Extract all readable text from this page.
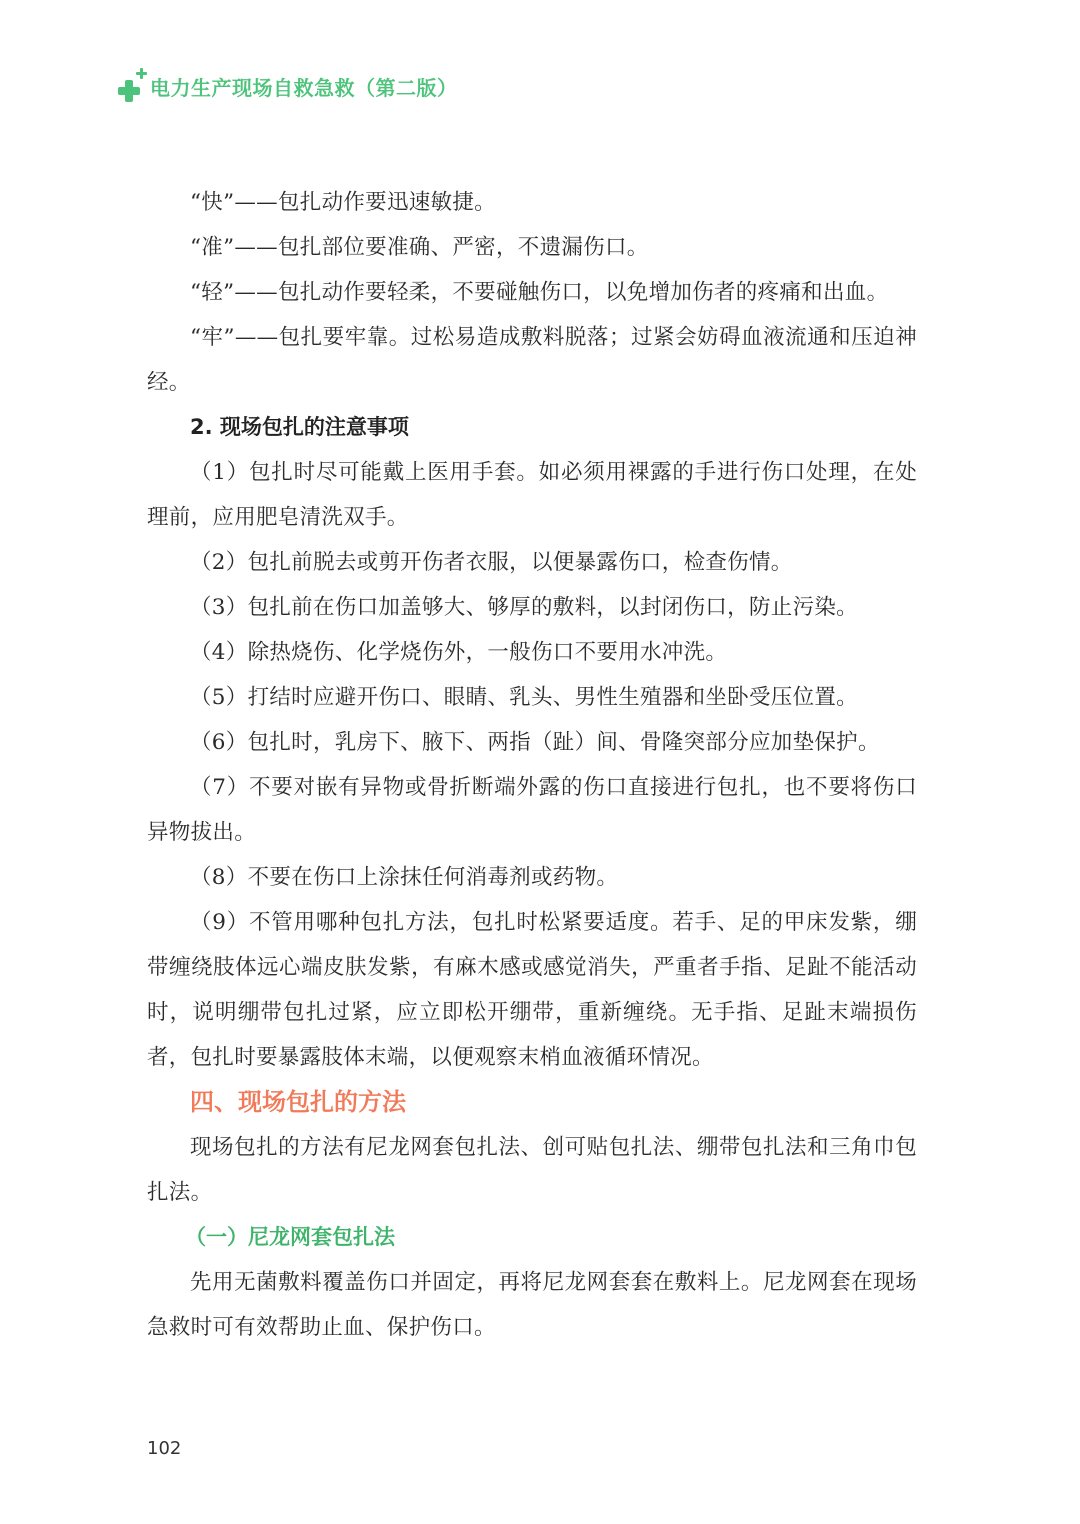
电力生产现场自救急救（第二版）

“快”——包扎动作要迅速敏捷。

“准”——包扎部位要准确、严密，不遗漏伤口。

“轻”——包扎动作要轻柔，不要碰触伤口，以免增加伤者的疼痛和出血。

“牢”——包扎要牢靠。过松易造成敷料脱落；过紧会妨碍血液流通和压迫神经。

2. 现场包扎的注意事项

（1）包扎时尽可能戴上医用手套。如必须用裸露的手进行伤口处理，在处理前，应用肥皂清洗双手。

（2）包扎前脱去或剪开伤者衣服，以便暴露伤口，检查伤情。

（3）包扎前在伤口加盖够大、够厚的敷料，以封闭伤口，防止污染。

（4）除热烧伤、化学烧伤外，一般伤口不要用水冲洗。

（5）打结时应避开伤口、眼睛、乳头、男性生殖器和坐卧受压位置。

（6）包扎时，乳房下、腋下、两指（趾）间、骨隆突部分应加垫保护。

（7）不要对嵌有异物或骨折断端外露的伤口直接进行包扎，也不要将伤口异物拔出。

（8）不要在伤口上涂抹任何消毒剂或药物。

（9）不管用哪种包扎方法，包扎时松紧要适度。若手、足的甲床发紫，绷带缠绕肢体远心端皮肤发紫，有麻木感或感觉消失，严重者手指、足趾不能活动时，说明绷带包扎过紧，应立即松开绷带，重新缠绕。无手指、足趾末端损伤者，包扎时要暴露肢体末端，以便观察末梢血液循环情况。

四、现场包扎的方法

现场包扎的方法有尼龙网套包扎法、创可贴包扎法、绷带包扎法和三角巾包扎法。

（一）尼龙网套包扎法

先用无菌敷料覆盖伤口并固定，再将尼龙网套套在敷料上。尼龙网套在现场急救时可有效帮助止血、保护伤口。

102
